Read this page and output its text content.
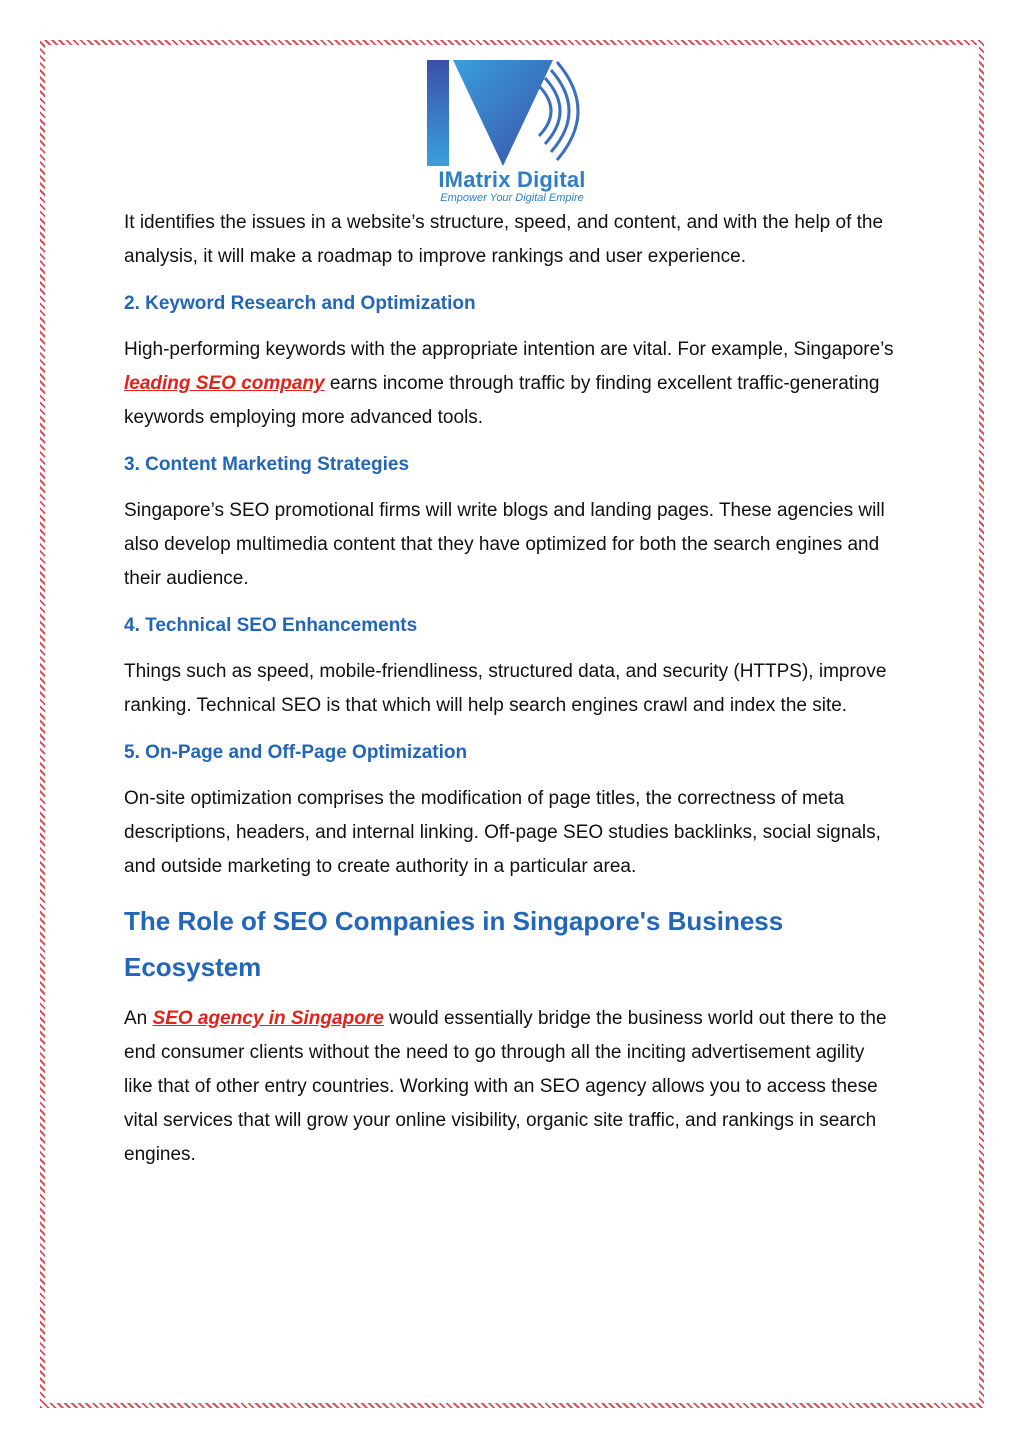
IMatrix Digital
Empower Your Digital Empire

It identifies the issues in a website’s structure, speed, and content, and with the help of the analysis, it will make a roadmap to improve rankings and user experience.

2. Keyword Research and Optimization

High-performing keywords with the appropriate intention are vital. For example, Singapore’s leading SEO company earns income through traffic by finding excellent traffic-generating keywords employing more advanced tools.

3. Content Marketing Strategies

Singapore’s SEO promotional firms will write blogs and landing pages. These agencies will also develop multimedia content that they have optimized for both the search engines and their audience.

4. Technical SEO Enhancements

Things such as speed, mobile-friendliness, structured data, and security (HTTPS), improve ranking. Technical SEO is that which will help search engines crawl and index the site.

5. On-Page and Off-Page Optimization

On-site optimization comprises the modification of page titles, the correctness of meta descriptions, headers, and internal linking. Off-page SEO studies backlinks, social signals, and outside marketing to create authority in a particular area.

The Role of SEO Companies in Singapore's Business Ecosystem

An SEO agency in Singapore would essentially bridge the business world out there to the end consumer clients without the need to go through all the inciting advertisement agility like that of other entry countries. Working with an SEO agency allows you to access these vital services that will grow your online visibility, organic site traffic, and rankings in search engines.
